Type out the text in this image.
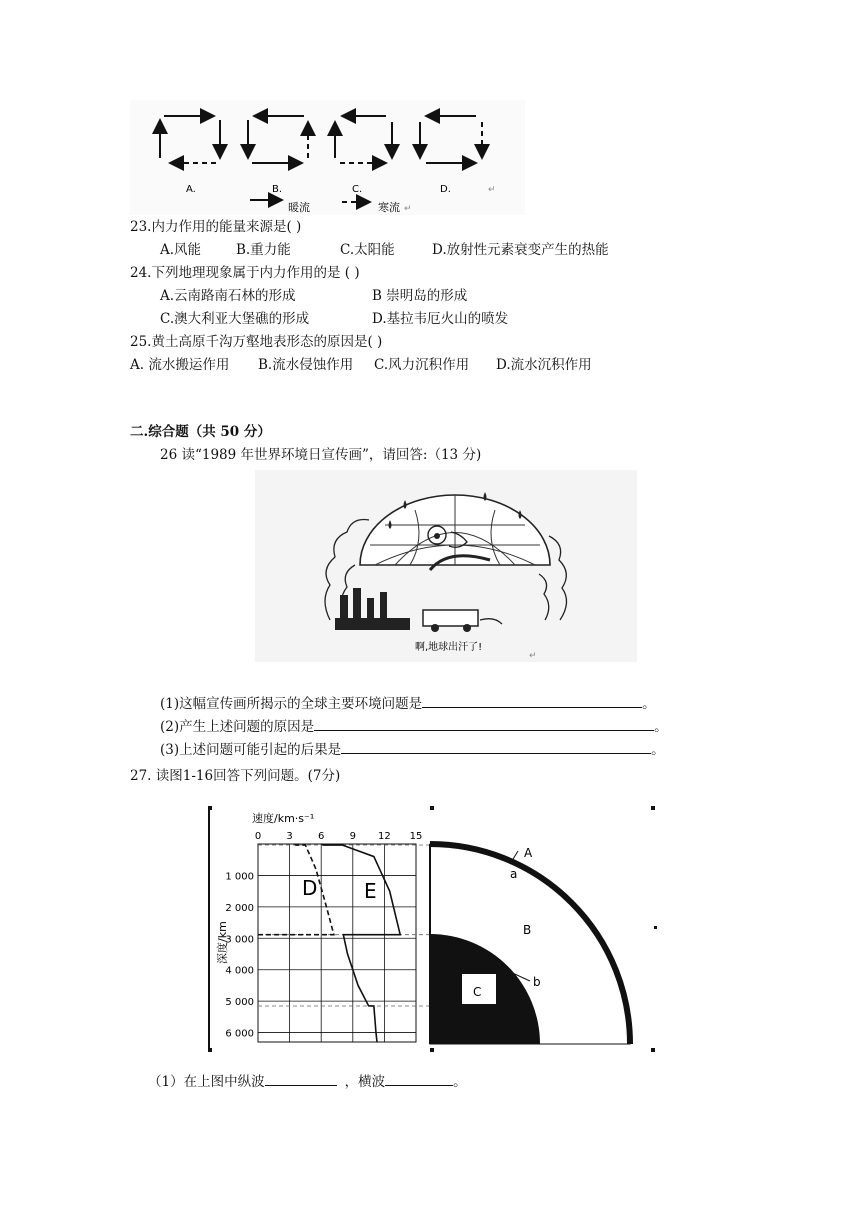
A.	B.	C.	D.	↵
暖流	寒流 ↵
23.内力作用的能量来源是( )
A.风能	B.重力能	C.太阳能	D.放射性元素衰变产生的热能
24.下列地理现象属于内力作用的是 ( )
A.云南路南石林的形成	B 崇明岛的形成
C.澳大利亚大堡礁的形成	D.基拉韦厄火山的喷发
25.黄土高原千沟万壑地表形态的原因是( )
A. 流水搬运作用 B.流水侵蚀作用 C.风力沉积作用 D.流水沉积作用
二.综合题（共 50 分）
26 读“1989 年世界环境日宣传画”，请回答:（13 分)
啊,地球出汗了!
↵
(1)这幅宣传画所揭示的全球主要环境问题是	。
(2)产生上述问题的原因是	。
(3)上述问题可能引起的后果是	。
27. 读图1-16回答下列问题。(7分)
0	3	6	9 12 15
1 000
2 000
3 000
4 000
5 000
6 000
速度/km·s⁻¹
深度/km
D E
A
a
B
b
C
（1）在上图中纵波	，横波	。
